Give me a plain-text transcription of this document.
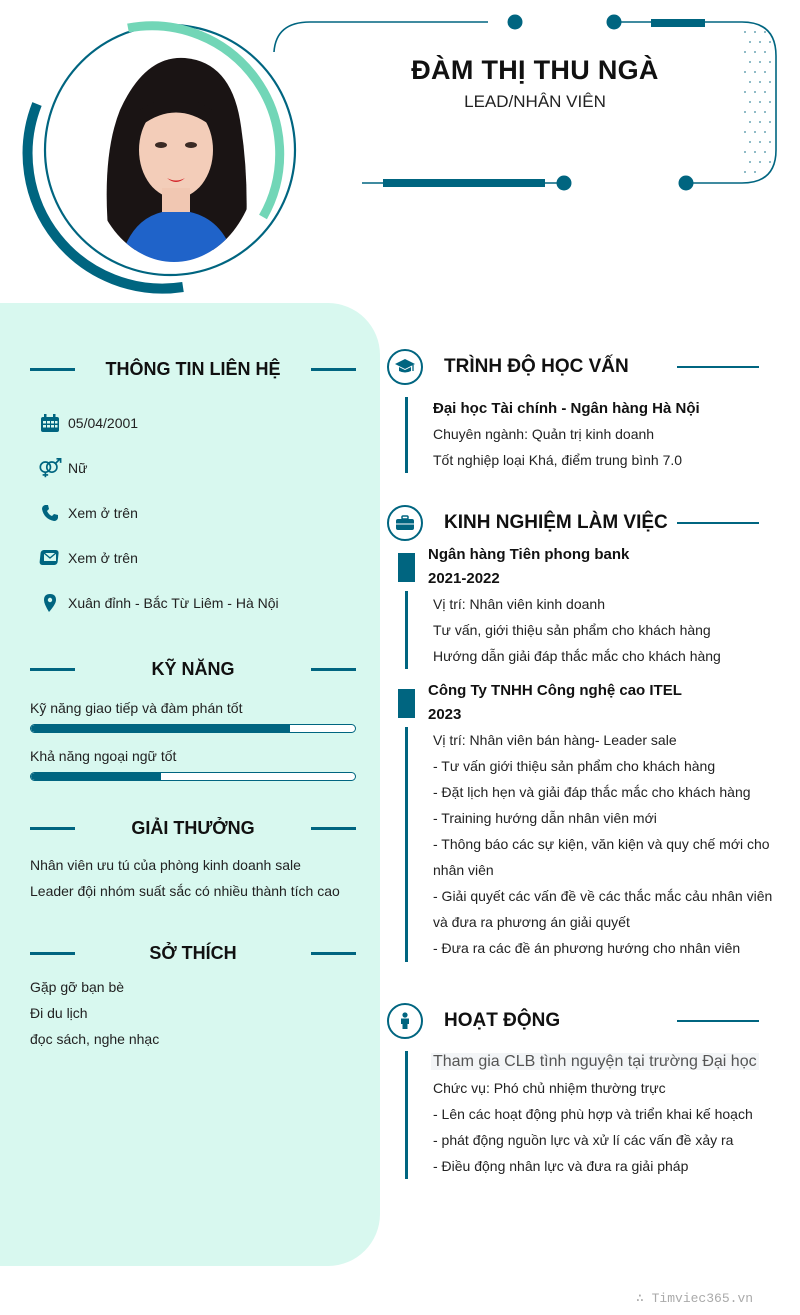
ĐÀM THỊ THU NGÀ
LEAD/NHÂN VIÊN
THÔNG TIN LIÊN HỆ
05/04/2001
Nữ
Xem ở trên
Xem ở trên
Xuân đỉnh - Bắc Từ Liêm - Hà Nội
KỸ NĂNG
Kỹ năng giao tiếp và đàm phán tốt
Khả năng ngoại ngữ tốt
GIẢI THƯỞNG
Nhân viên ưu tú của phòng kinh doanh sale
Leader đội nhóm suất sắc có nhiều thành tích cao
SỞ THÍCH
Gặp gỡ bạn bè
Đi du lịch
đọc sách, nghe nhạc
TRÌNH ĐỘ HỌC VẤN
Đại học Tài chính - Ngân hàng Hà Nội
Chuyên ngành: Quản trị kinh doanh
Tốt nghiệp loại Khá, điểm trung bình 7.0
KINH NGHIỆM LÀM VIỆC
Ngân hàng Tiên phong bank
2021-2022
Vị trí: Nhân viên kinh doanh
Tư vấn, giới thiệu sản phẩm cho khách hàng
Hướng dẫn giải đáp thắc mắc cho khách hàng
Công Ty TNHH Công nghệ cao ITEL
2023
Vị trí: Nhân viên bán hàng- Leader sale
- Tư vấn giới thiệu sản phẩm cho khách hàng
- Đặt lịch hẹn và giải đáp thắc mắc cho khách hàng
- Training hướng dẫn nhân viên mới
- Thông báo các sự kiện, văn kiện và quy chế mới cho
nhân viên
- Giải quyết các vấn đề về các thắc mắc cảu nhân viên
và đưa ra phương án giải quyết
- Đưa ra các đề án phương hướng cho nhân viên
HOẠT ĐỘNG
Tham gia CLB tình nguyện tại trường Đại học
Chức vụ: Phó chủ nhiệm thường trực
- Lên các hoạt động phù hợp và triển khai kế hoạch
- phát động nguồn lực và xử lí các vấn đề xảy ra
- Điều động nhân lực và đưa ra giải pháp
∴ Timviec365.vn
